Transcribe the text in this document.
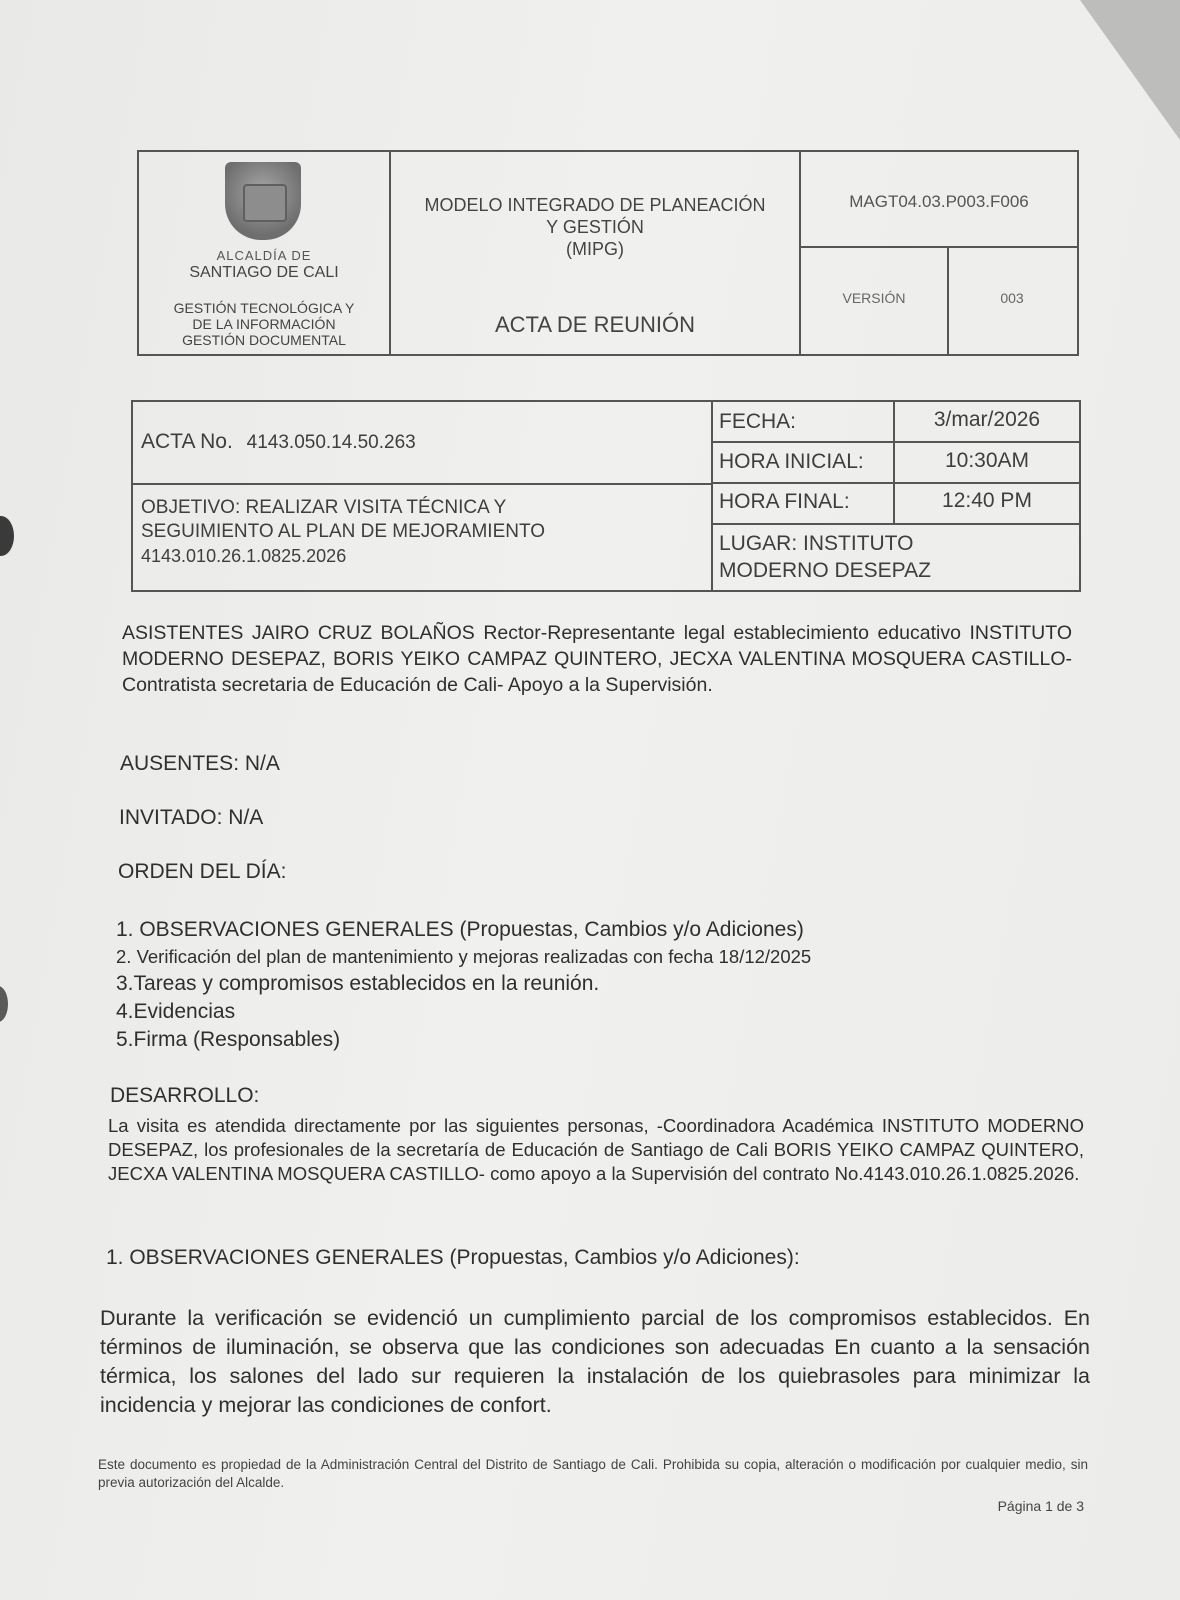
ALCALDÍA DE
SANTIAGO DE CALI
GESTIÓN TECNOLÓGICA Y
DE LA INFORMACIÓN
GESTIÓN DOCUMENTAL
MODELO INTEGRADO DE PLANEACIÓN
Y GESTIÓN
(MIPG)
ACTA DE REUNIÓN
MAGT04.03.P003.F006
VERSIÓN	003
ACTA No. 4143.050.14.50.263
OBJETIVO: REALIZAR VISITA TÉCNICA Y
SEGUIMIENTO AL PLAN DE MEJORAMIENTO
4143.010.26.1.0825.2026
FECHA:	3/mar/2026
HORA INICIAL:	10:30AM
HORA FINAL:	12:40 PM
LUGAR: INSTITUTO
MODERNO DESEPAZ
ASISTENTES JAIRO CRUZ BOLAÑOS Rector-Representante legal establecimiento educativo INSTITUTO MODERNO DESEPAZ, BORIS YEIKO CAMPAZ QUINTERO, JECXA VALENTINA MOSQUERA CASTILLO- Contratista secretaria de Educación de Cali- Apoyo a la Supervisión.
AUSENTES: N/A
INVITADO: N/A
ORDEN DEL DÍA:
1. OBSERVACIONES GENERALES (Propuestas, Cambios y/o Adiciones)
2. Verificación del plan de mantenimiento y mejoras realizadas con fecha 18/12/2025
3.Tareas y compromisos establecidos en la reunión.
4.Evidencias
5.Firma (Responsables)
DESARROLLO:
La visita es atendida directamente por las siguientes personas, -Coordinadora Académica INSTITUTO MODERNO DESEPAZ, los profesionales de la secretaría de Educación de Santiago de Cali BORIS YEIKO CAMPAZ QUINTERO, JECXA VALENTINA MOSQUERA CASTILLO- como apoyo a la Supervisión del contrato No.4143.010.26.1.0825.2026.
1. OBSERVACIONES GENERALES (Propuestas, Cambios y/o Adiciones):
Durante la verificación se evidenció un cumplimiento parcial de los compromisos establecidos. En términos de iluminación, se observa que las condiciones son adecuadas En cuanto a la sensación térmica, los salones del lado sur requieren la instalación de los quiebrasoles para minimizar la incidencia y mejorar las condiciones de confort.
Este documento es propiedad de la Administración Central del Distrito de Santiago de Cali. Prohibida su copia, alteración o modificación por cualquier medio, sin previa autorización del Alcalde.
Página 1 de 3
